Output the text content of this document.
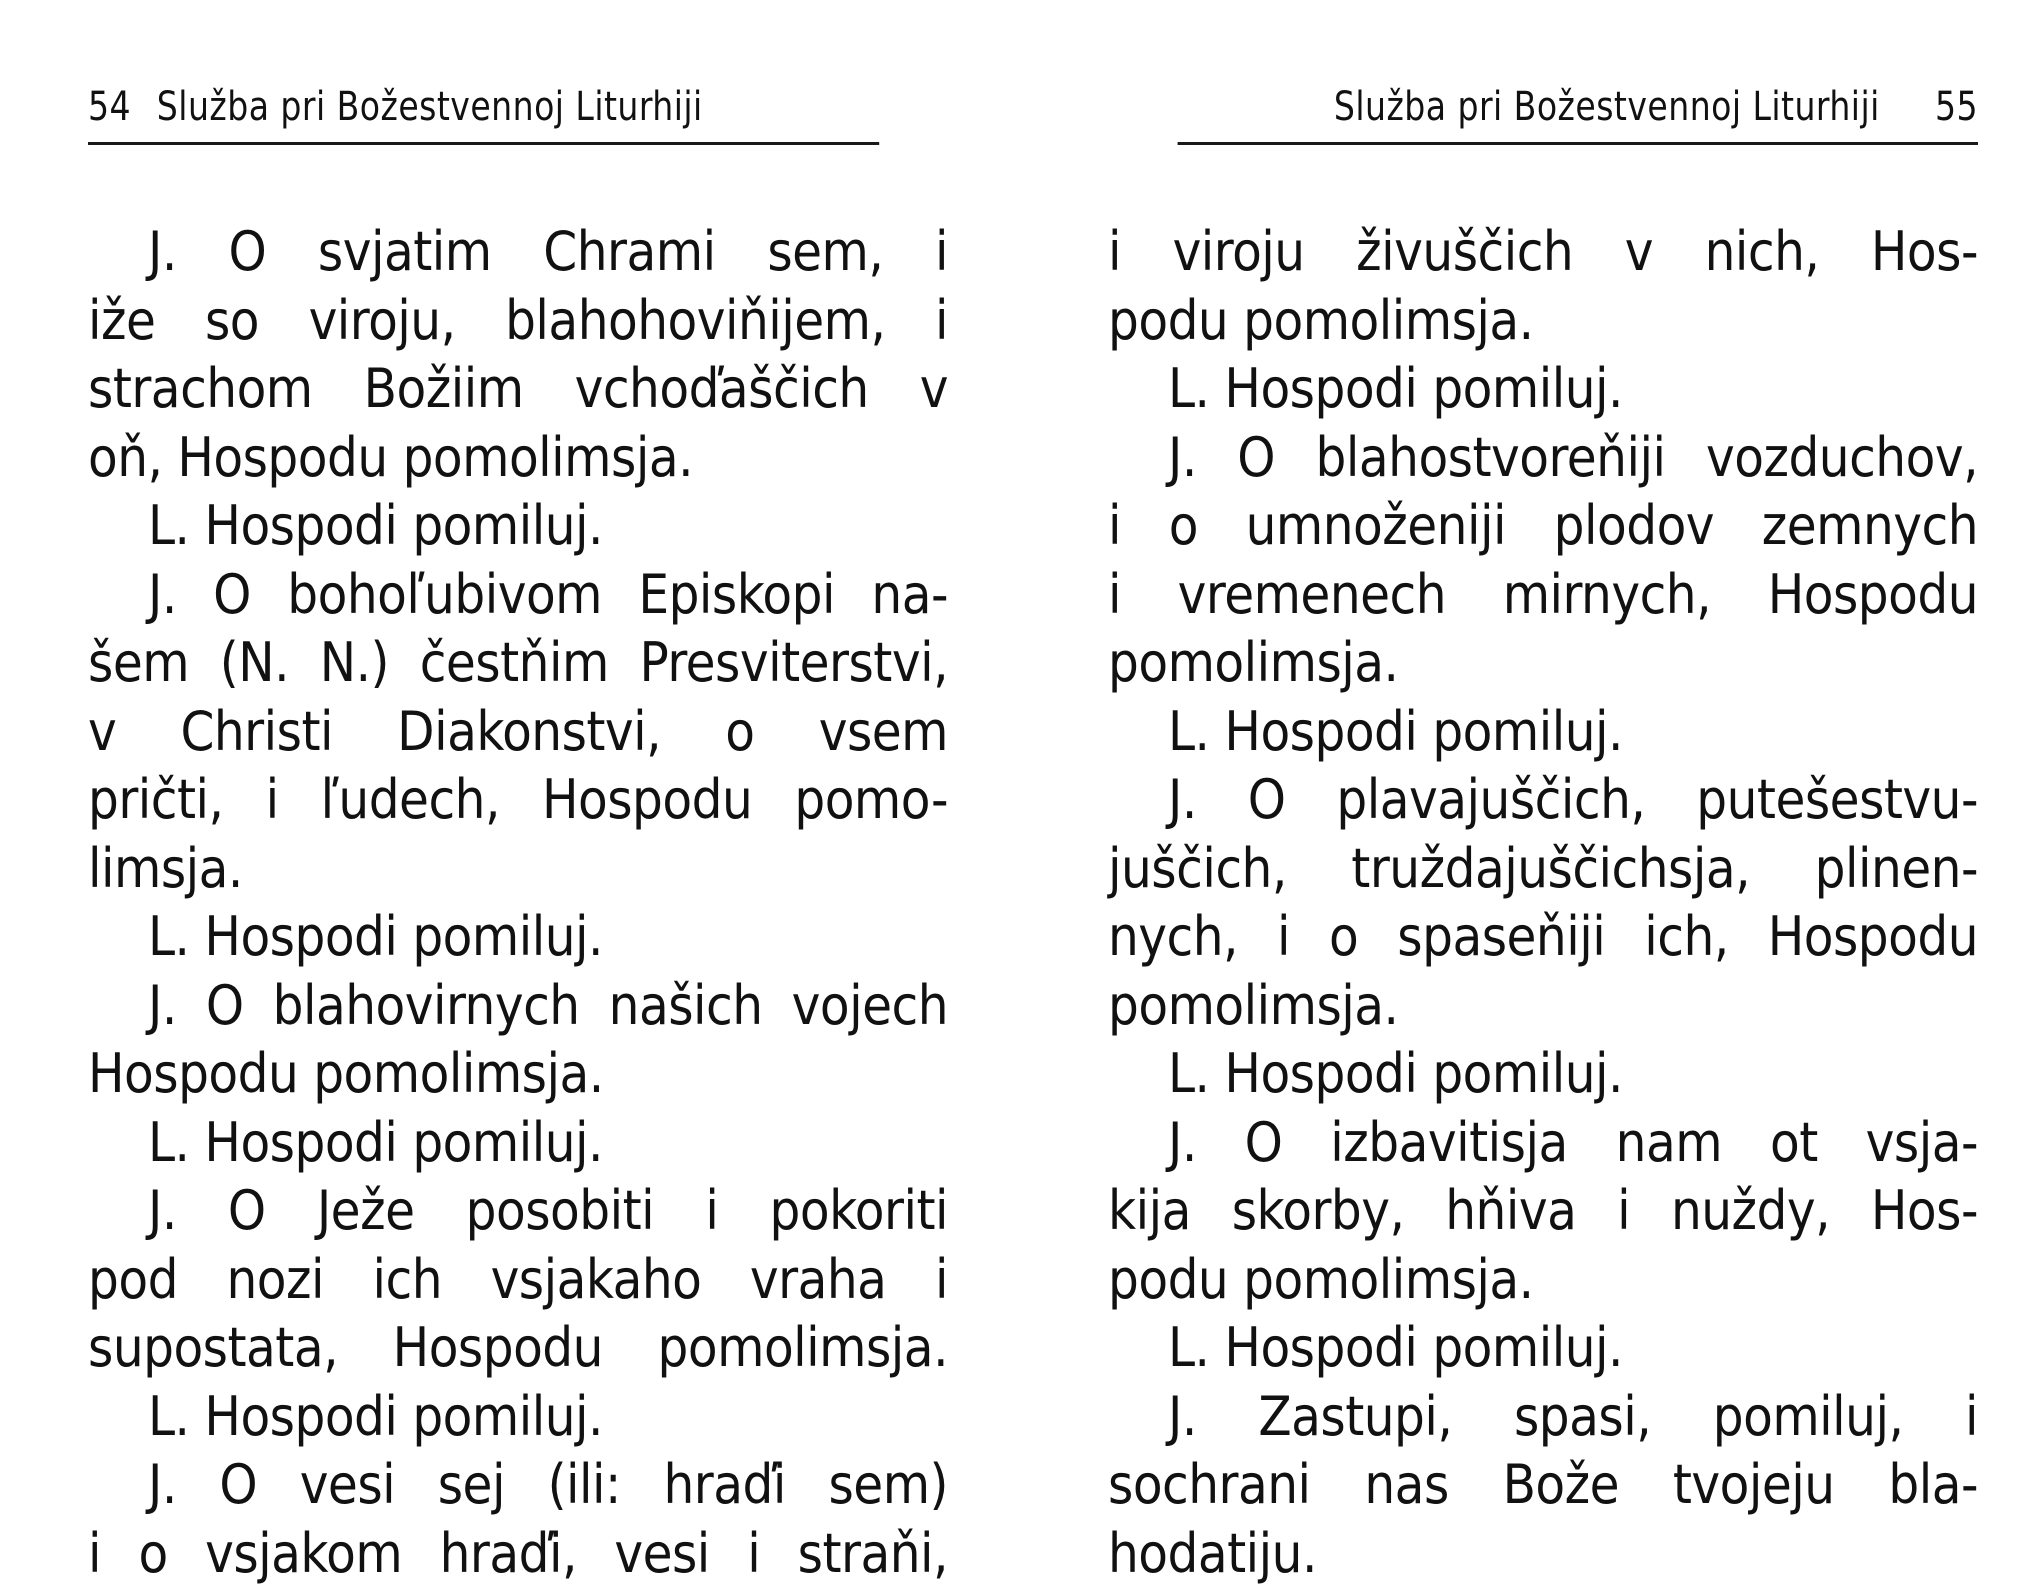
54 Služba pri Božestvennoj Liturhiji
J. O svjatim Chrami sem, i
iže so viroju, blahohoviňijem, i
strachom Božiim vchoďaščich v
oň, Hospodu pomolimsja.
L. Hospodi pomiluj.
J. O bohoľubivom Episkopi na-
šem (N. N.) čestňim Presviterstvi,
v Christi Diakonstvi, o vsem
pričti, i ľudech, Hospodu pomo-
limsja.
L. Hospodi pomiluj.
J. O blahovirnych našich vojech
Hospodu pomolimsja.
L. Hospodi pomiluj.
J. O Ježe posobiti i pokoriti
pod nozi ich vsjakaho vraha i
supostata, Hospodu pomolimsja.
L. Hospodi pomiluj.
J. O vesi sej (ili: hraďi sem)
i o vsjakom hraďi, vesi i straňi,
Služba pri Božestvennoj Liturhiji 55
i viroju živuščich v nich, Hos-
podu pomolimsja.
L. Hospodi pomiluj.
J. O blahostvoreňiji vozduchov,
i o umnoženiji plodov zemnych
i vremenech mirnych, Hospodu
pomolimsja.
L. Hospodi pomiluj.
J. O plavajuščich, putešestvu-
juščich, truždajuščichsja, plinen-
nych, i o spaseňiji ich, Hospodu
pomolimsja.
L. Hospodi pomiluj.
J. O izbavitisja nam ot vsja-
kija skorby, hňiva i nuždy, Hos-
podu pomolimsja.
L. Hospodi pomiluj.
J. Zastupi, spasi, pomiluj, i
sochrani nas Bože tvojeju bla-
hodatiju.
